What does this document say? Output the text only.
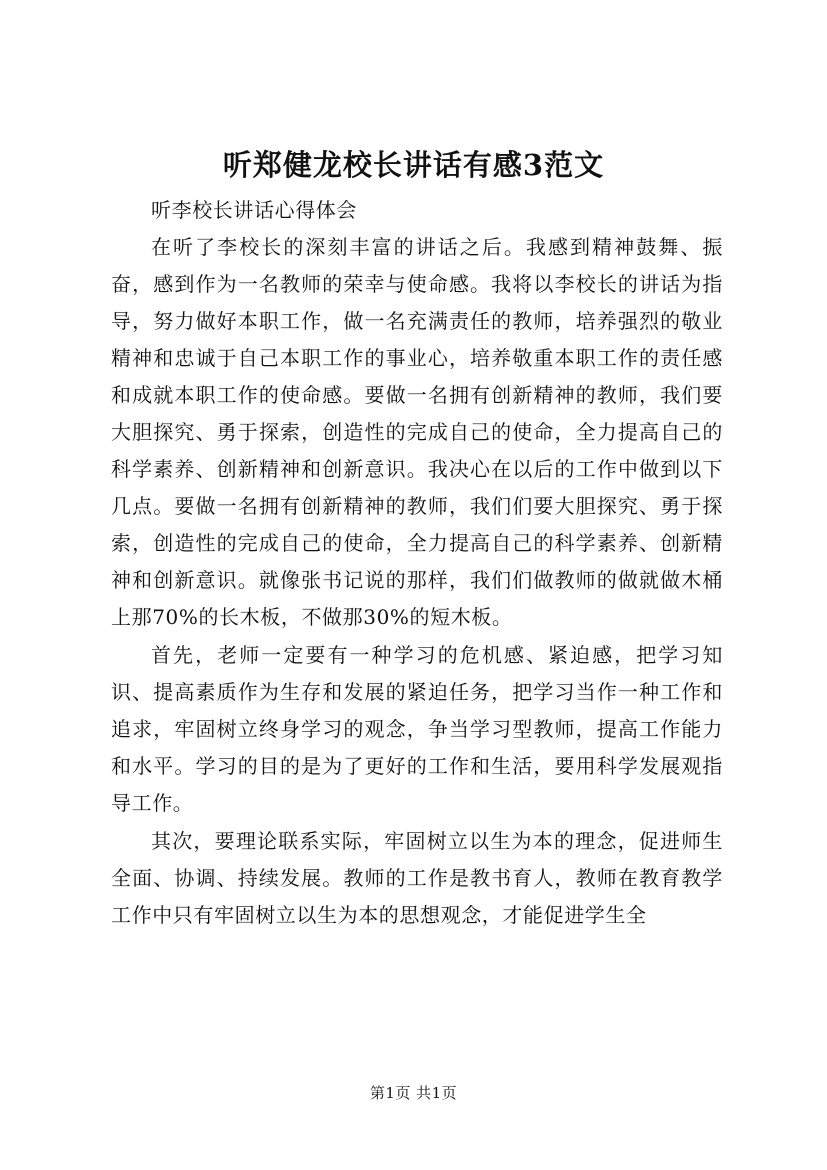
听郑健龙校长讲话有感3范文

听李校长讲话心得体会

在听了李校长的深刻丰富的讲话之后。我感到精神鼓舞、振奋，感到作为一名教师的荣幸与使命感。我将以李校长的讲话为指导，努力做好本职工作，做一名充满责任的教师，培养强烈的敬业精神和忠诚于自己本职工作的事业心，培养敬重本职工作的责任感和成就本职工作的使命感。要做一名拥有创新精神的教师，我们要大胆探究、勇于探索，创造性的完成自己的使命，全力提高自己的科学素养、创新精神和创新意识。我决心在以后的工作中做到以下几点。要做一名拥有创新精神的教师，我们们要大胆探究、勇于探索，创造性的完成自己的使命，全力提高自己的科学素养、创新精神和创新意识。就像张书记说的那样，我们们做教师的做就做木桶上那70%的长木板，不做那30%的短木板。

首先，老师一定要有一种学习的危机感、紧迫感，把学习知识、提高素质作为生存和发展的紧迫任务，把学习当作一种工作和追求，牢固树立终身学习的观念，争当学习型教师，提高工作能力和水平。学习的目的是为了更好的工作和生活，要用科学发展观指导工作。

其次，要理论联系实际，牢固树立以生为本的理念，促进师生全面、协调、持续发展。教师的工作是教书育人，教师在教育教学工作中只有牢固树立以生为本的思想观念，才能促进学生全

第1页 共1页
